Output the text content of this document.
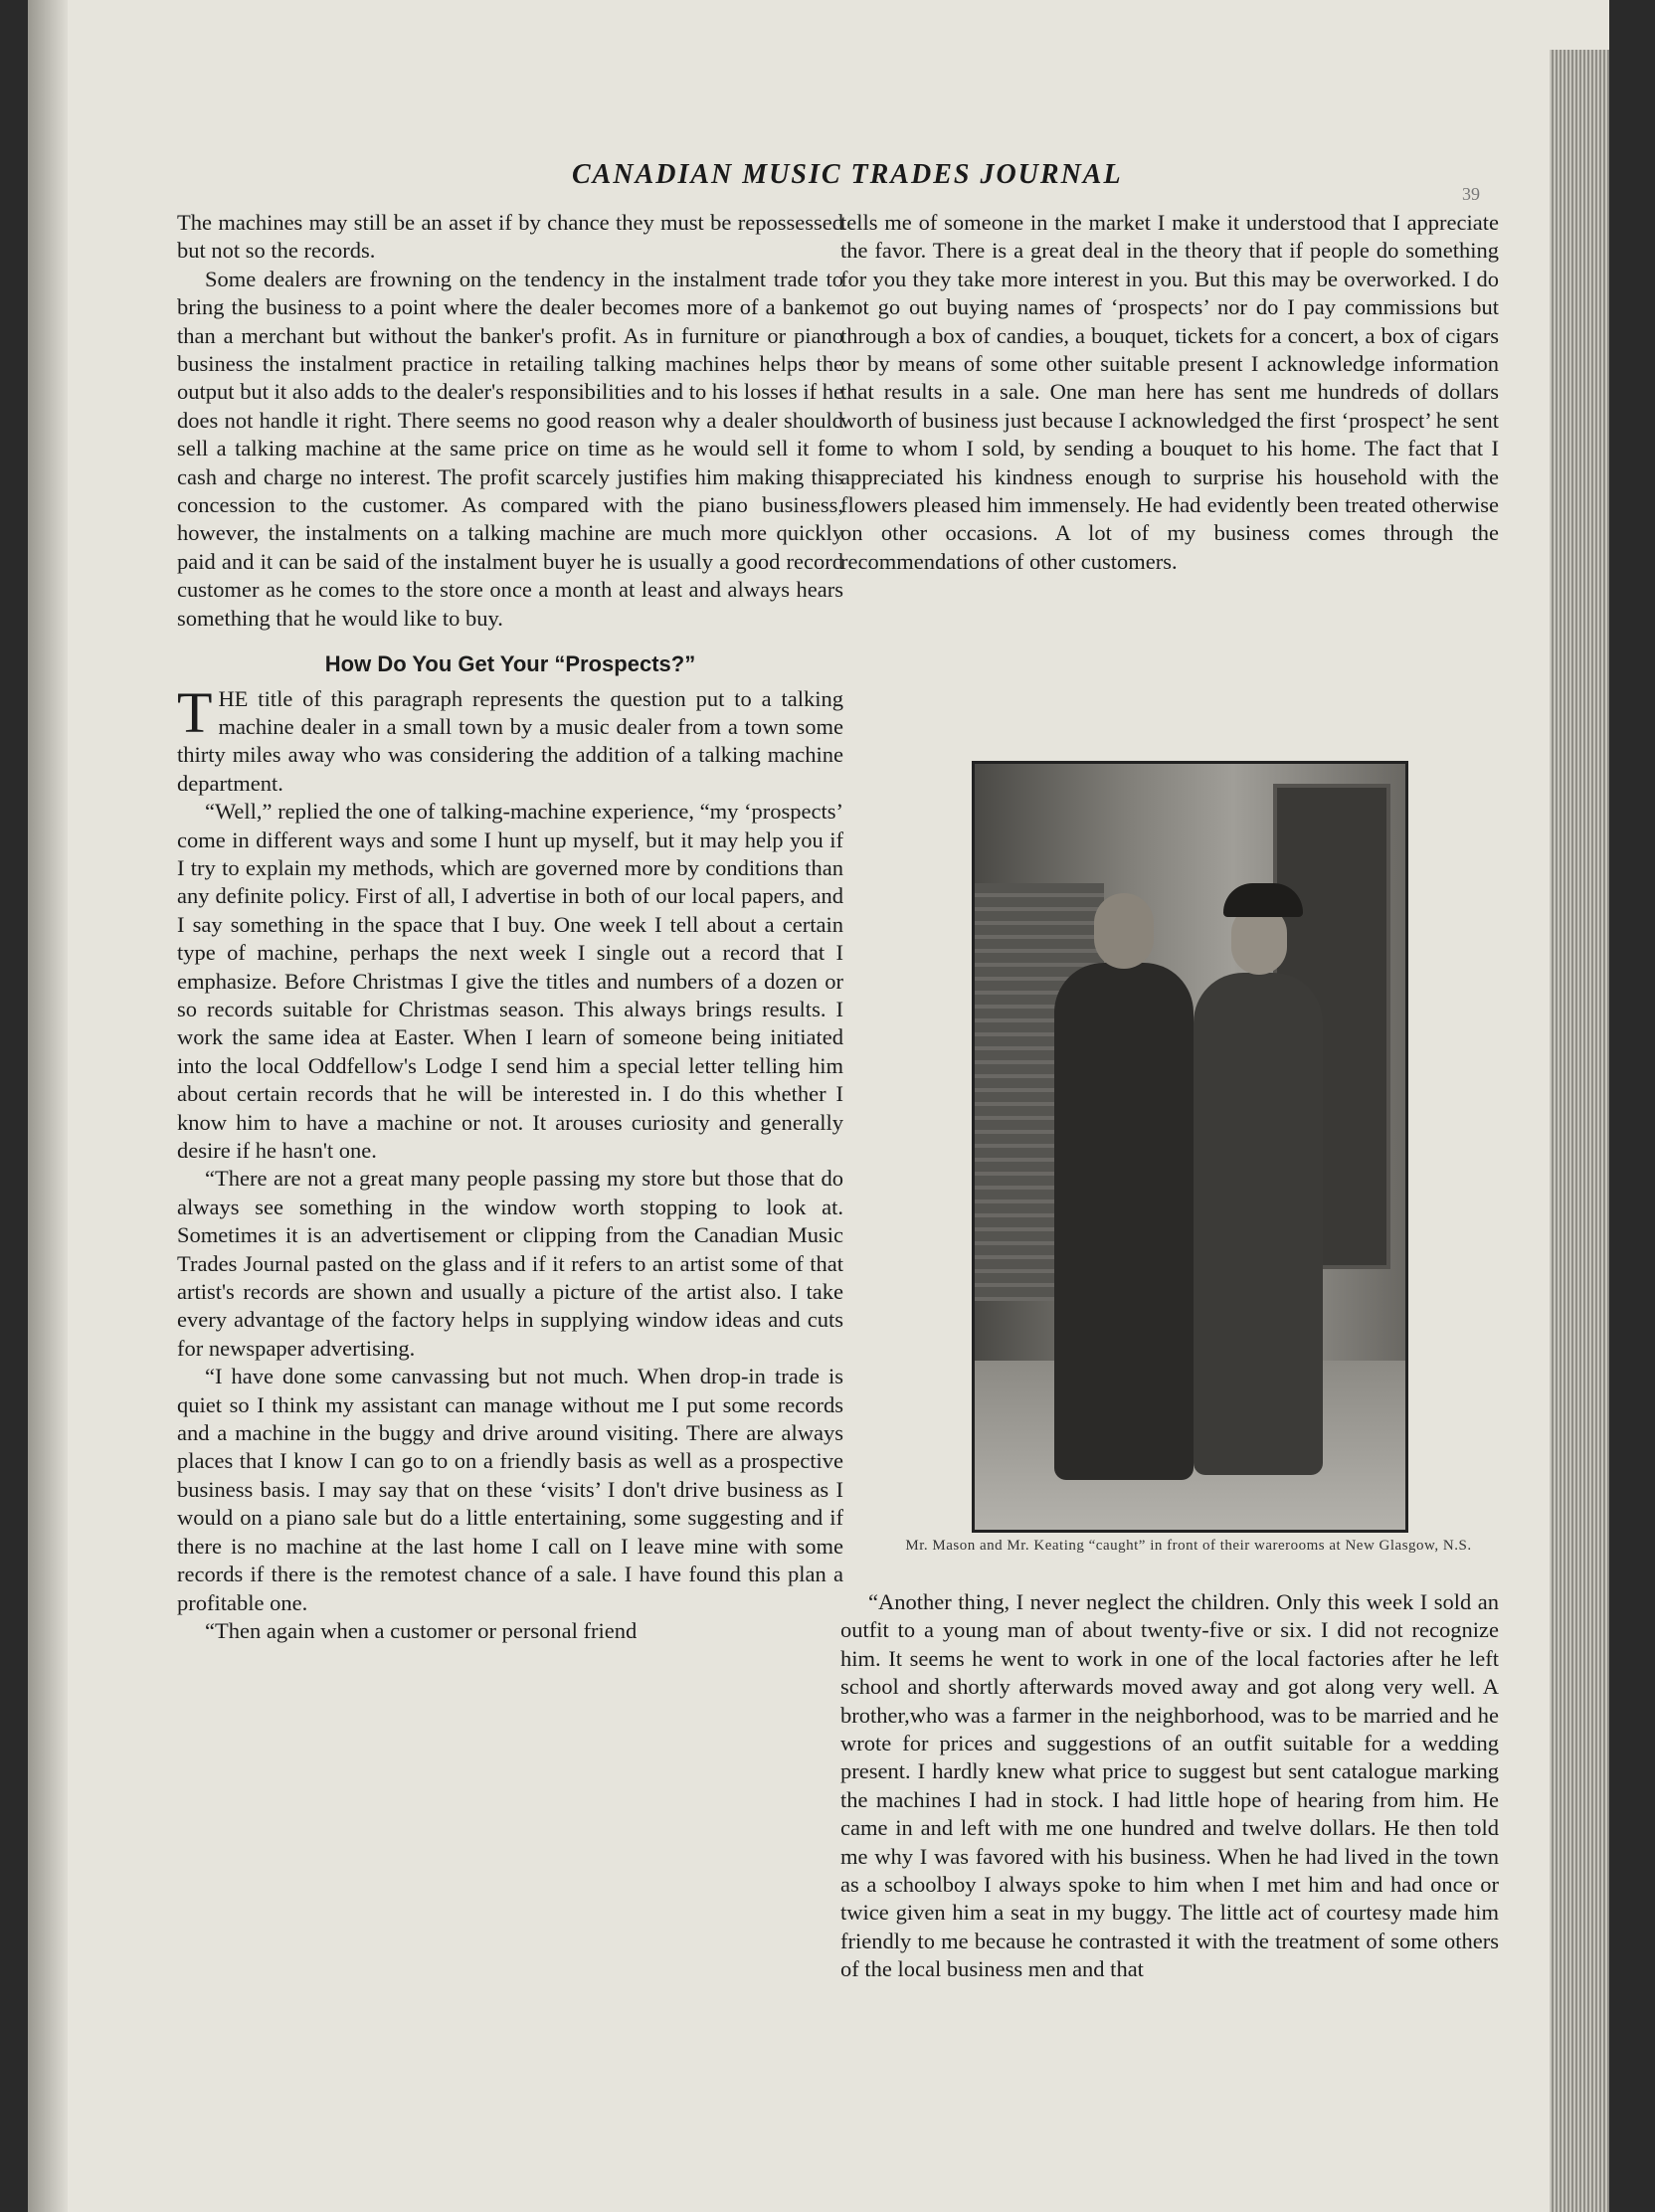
CANADIAN MUSIC TRADES JOURNAL
39

The machines may still be an asset if by chance they must be repossessed but not so the records.

Some dealers are frowning on the tendency in the instalment trade to bring the business to a point where the dealer becomes more of a banker than a merchant but without the banker's profit. As in furniture or piano business the instalment practice in retailing talking machines helps the output but it also adds to the dealer's responsibilities and to his losses if he does not handle it right. There seems no good reason why a dealer should sell a talking machine at the same price on time as he would sell it for cash and charge no interest. The profit scarcely justifies him making this concession to the customer. As compared with the piano business, however, the instalments on a talking machine are much more quickly paid and it can be said of the instalment buyer he is usually a good record customer as he comes to the store once a month at least and always hears something that he would like to buy.

How Do You Get Your “Prospects?”

THE title of this paragraph represents the question put to a talking machine dealer in a small town by a music dealer from a town some thirty miles away who was considering the addition of a talking machine department.

“Well,” replied the one of talking-machine experience, “my ‘prospects’ come in different ways and some I hunt up myself, but it may help you if I try to explain my methods, which are governed more by conditions than any definite policy. First of all, I advertise in both of our local papers, and I say something in the space that I buy. One week I tell about a certain type of machine, perhaps the next week I single out a record that I emphasize. Before Christmas I give the titles and numbers of a dozen or so records suitable for Christmas season. This always brings results. I work the same idea at Easter. When I learn of someone being initiated into the local Oddfellow's Lodge I send him a special letter telling him about certain records that he will be interested in. I do this whether I know him to have a machine or not. It arouses curiosity and generally desire if he hasn't one.

“There are not a great many people passing my store but those that do always see something in the window worth stopping to look at. Sometimes it is an advertisement or clipping from the Canadian Music Trades Journal pasted on the glass and if it refers to an artist some of that artist's records are shown and usually a picture of the artist also. I take every advantage of the factory helps in supplying window ideas and cuts for newspaper advertising.

“I have done some canvassing but not much. When drop-in trade is quiet so I think my assistant can manage without me I put some records and a machine in the buggy and drive around visiting. There are always places that I know I can go to on a friendly basis as well as a prospective business basis. I may say that on these ‘visits’ I don't drive business as I would on a piano sale but do a little entertaining, some suggesting and if there is no machine at the last home I call on I leave mine with some records if there is the remotest chance of a sale. I have found this plan a profitable one.

“Then again when a customer or personal friend

tells me of someone in the market I make it understood that I appreciate the favor. There is a great deal in the theory that if people do something for you they take more interest in you. But this may be overworked. I do not go out buying names of ‘prospects’ nor do I pay commissions but through a box of candies, a bouquet, tickets for a concert, a box of cigars or by means of some other suitable present I acknowledge information that results in a sale. One man here has sent me hundreds of dollars worth of business just because I acknowledged the first ‘prospect’ he sent me to whom I sold, by sending a bouquet to his home. The fact that I appreciated his kindness enough to surprise his household with the flowers pleased him immensely. He had evidently been treated otherwise on other occasions. A lot of my business comes through the recommendations of other customers.

Mr. Mason and Mr. Keating “caught” in front of their warerooms at New Glasgow, N.S.

“Another thing, I never neglect the children. Only this week I sold an outfit to a young man of about twenty-five or six. I did not recognize him. It seems he went to work in one of the local factories after he left school and shortly afterwards moved away and got along very well. A brother,who was a farmer in the neighborhood, was to be married and he wrote for prices and suggestions of an outfit suitable for a wedding present. I hardly knew what price to suggest but sent catalogue marking the machines I had in stock. I had little hope of hearing from him. He came in and left with me one hundred and twelve dollars. He then told me why I was favored with his business. When he had lived in the town as a schoolboy I always spoke to him when I met him and had once or twice given him a seat in my buggy. The little act of courtesy made him friendly to me because he contrasted it with the treatment of some others of the local business men and that
